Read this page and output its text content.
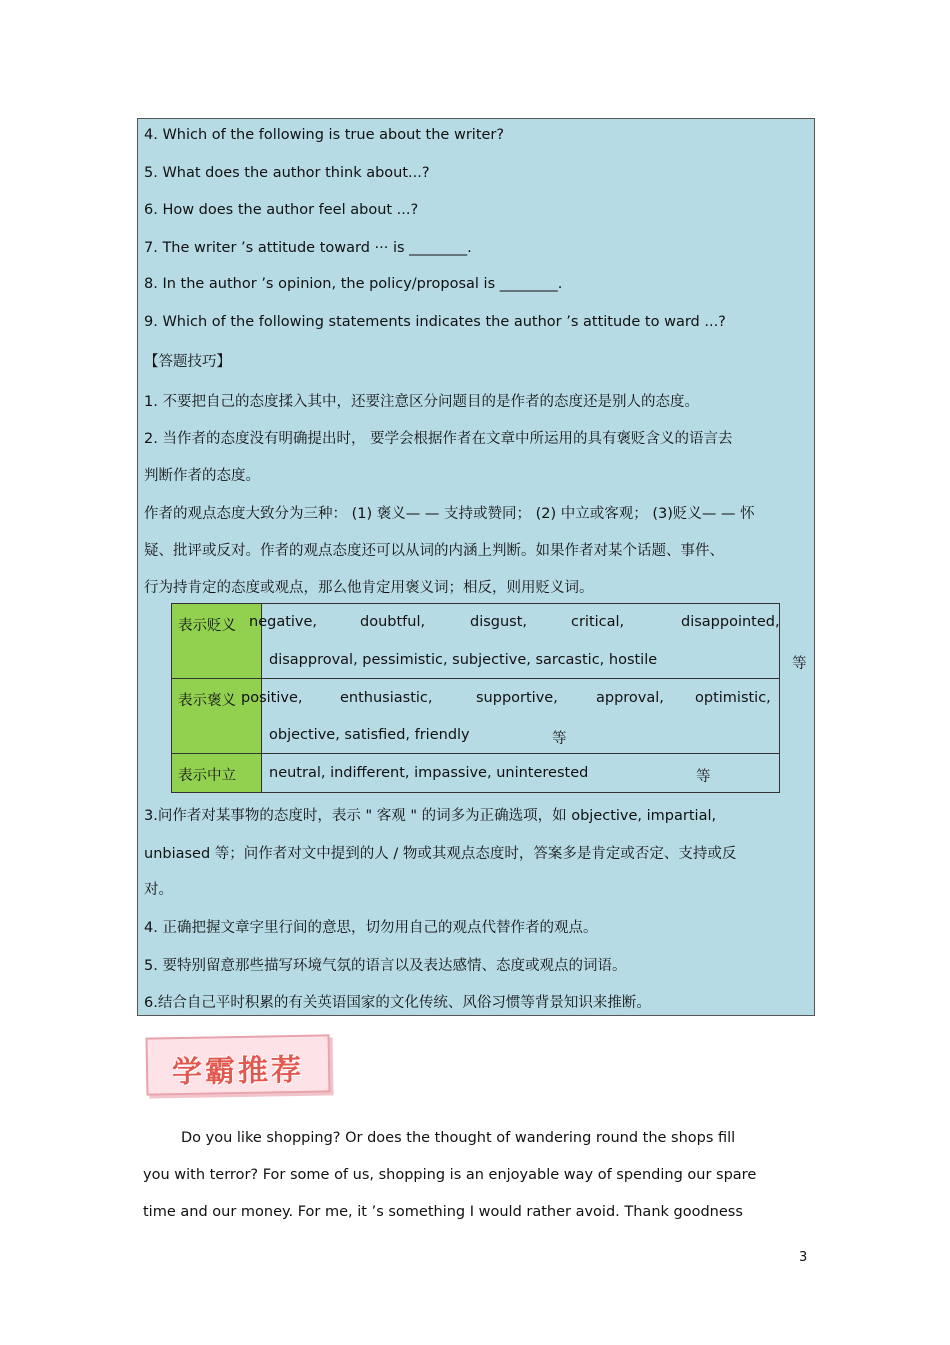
4. Which of the following is true about the writer?
5. What does the author think about...?
6. How does the author feel about ...?
7. The writer ’s attitude toward ··· is ________.
8. In the author ’s opinion, the policy/proposal is ________.
9. Which of the following statements indicates the author ’s attitude to ward ...?
【答题技巧】
1. 不要把自己的态度揉入其中，还要注意区分问题目的是作者的态度还是别人的态度。
2. 当作者的态度没有明确提出时， 要学会根据作者在文章中所运用的具有褒贬含义的语言去
判断作者的态度。
作者的观点态度大致分为三种： (1) 褒义— — 支持或赞同； (2) 中立或客观； (3)贬义— — 怀
疑、批评或反对。作者的观点态度还可以从词的内涵上判断。如果作者对某个话题、事件、
行为持肯定的态度或观点，那么他肯定用褒义词；相反，则用贬义词。
表示贬义 negative,	doubtful,	disgust,	critical,	disappointed,
disapproval, pessimistic, subjective, sarcastic, hostile	等
表示褒义 positive,	enthusiastic,	supportive,	approval, optimistic,
objective, satisfied, friendly	等
表示中立 neutral, indifferent, impassive, uninterested	等
3.问作者对某事物的态度时，表示 " 客观 " 的词多为正确选项，如 objective, impartial,
unbiased 等；问作者对文中提到的人 / 物或其观点态度时，答案多是肯定或否定、支持或反
对。
4. 正确把握文章字里行间的意思，切勿用自己的观点代替作者的观点。
5. 要特别留意那些描写环境气氛的语言以及表达感情、态度或观点的词语。
6.结合自己平时积累的有关英语国家的文化传统、风俗习惯等背景知识来推断。
学霸推荐
Do you like shopping? Or does the thought of wandering round the shops fill
you with terror? For some of us, shopping is an enjoyable way of spending our spare
time and our money. For me, it ’s something I would rather avoid. Thank goodness
3
